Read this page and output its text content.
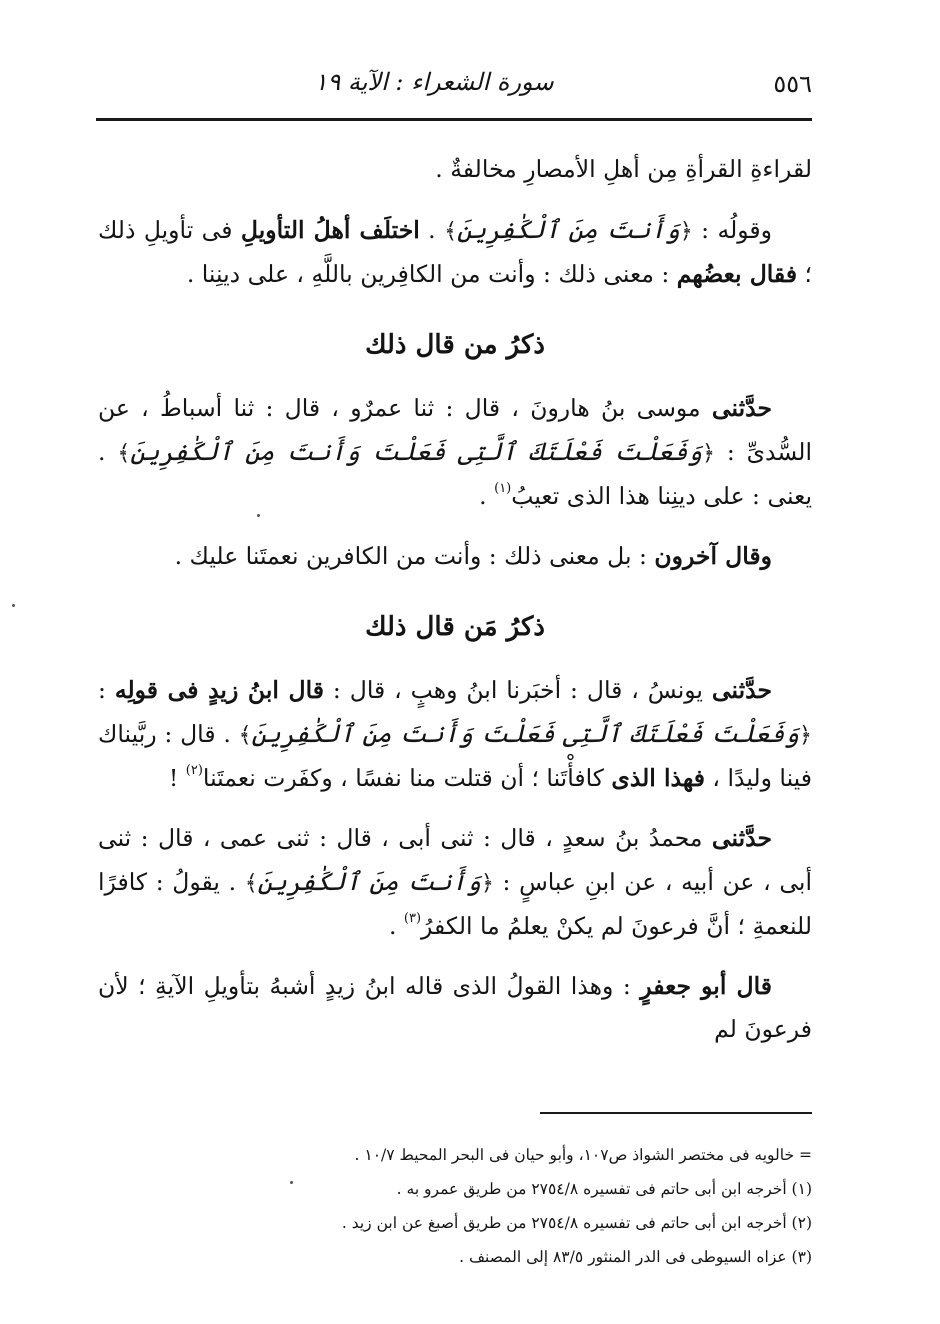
٥٥٦
سورة الشعراء : الآية ١٩

لقراءةِ القرأةِ مِن أهلِ الأمصارِ مخالفةٌ .

وقولُه : ﴿وَأَنتَ مِنَ ٱلْكَٰفِرِينَ﴾ . اختلَف أهلُ التأويلِ فى تأويلِ ذلك ؛ فقال بعضُهم : معنى ذلك : وأنت من الكافِرين باللَّهِ ، على دينِنا .

ذكرُ من قال ذلك

حدَّثنى موسى بنُ هارونَ ، قال : ثنا عمرٌو ، قال : ثنا أسباطُ ، عن السُّدىِّ : ﴿وَفَعَلْتَ فَعْلَتَكَ ٱلَّتِى فَعَلْتَ وَأَنتَ مِنَ ٱلْكَٰفِرِينَ﴾ . يعنى : على دينِنا هذا الذى تعيبُ$^{(١)}$ .

وقال آخرون : بل معنى ذلك : وأنت من الكافرين نعمتَنا عليك .

ذكرُ مَن قال ذلك

حدَّثنى يونسُ ، قال : أخبَرنا ابنُ وهبٍ ، قال : قال ابنُ زيدٍ فى قولِه : ﴿وَفَعَلْتَ فَعْلَتَكَ ٱلَّتِى فَعَلْتَ وَأَنتَ مِنَ ٱلْكَٰفِرِينَ﴾ . قال : ربَّيناك فينا وليدًا ، فهذا الذى كافأْتَنا ؛ أن قتلت منا نفسًا ، وكفَرت نعمتَنا$^{(٢)}$ !

حدَّثنى محمدُ بنُ سعدٍ ، قال : ثنى أبى ، قال : ثنى عمى ، قال : ثنى أبى ، عن أبيه ، عن ابنِ عباسٍ : ﴿وَأَنتَ مِنَ ٱلْكَٰفِرِينَ﴾ . يقولُ : كافرًا للنعمةِ ؛ أنَّ فرعونَ لم يكنْ يعلمُ ما الكفرُ$^{(٣)}$ .

قال أبو جعفرٍ : وهذا القولُ الذى قاله ابنُ زيدٍ أشبهُ بتأويلِ الآيةِ ؛ لأن فرعونَ لم

= خالويه فى مختصر الشواذ ص١٠٧، وأبو حيان فى البحر المحيط ١٠/٧ .
(١) أخرجه ابن أبى حاتم فى تفسيره ٢٧٥٤/٨ من طريق عمرو به .
(٢) أخرجه ابن أبى حاتم فى تفسيره ٢٧٥٤/٨ من طريق أصبغ عن ابن زيد .
(٣) عزاه السيوطى فى الدر المنثور ٨٣/٥ إلى المصنف .
